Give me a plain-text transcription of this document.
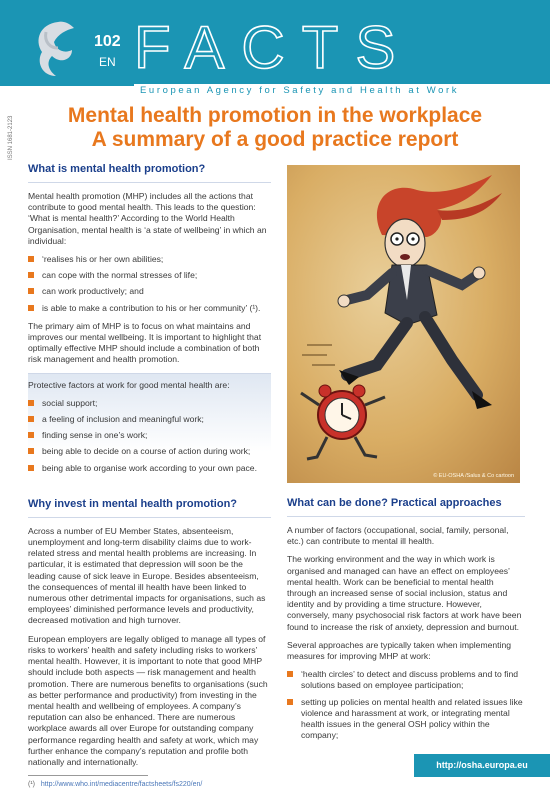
102
EN FACTS
European Agency for Safety and Health at Work
ISSN 1681-2123
Mental health promotion in the workplace
A summary of a good practice report
What is mental health promotion?

Mental health promotion (MHP) includes all the actions that contribute to good mental health. This leads to the question: ‘What is mental health?’ According to the World Health Organisation, mental health is ‘a state of wellbeing’ in which an individual:

‘realises his or her own abilities;
can cope with the normal stresses of life;
can work productively; and
is able to make a contribution to his or her community’ (¹).

The primary aim of MHP is to focus on what maintains and improves our mental wellbeing. It is important to highlight that optimally effective MHP should include a combination of both risk management and health promotion.

Protective factors at work for good mental health are:

social support;
a feeling of inclusion and meaningful work;
finding sense in one’s work;
being able to decide on a course of action during work;
being able to organise work according to your own pace.
Why invest in mental health promotion?

Across a number of EU Member States, absenteeism, unemployment and long-term disability claims due to work-related stress and mental health problems are increasing. In particular, it is estimated that depression will soon be the leading cause of sick leave in Europe. Besides absenteeism, the consequences of mental ill health have been linked to numerous other detrimental impacts for organisations, such as employees’ diminished performance levels and productivity, decreased motivation and high turnover.

European employers are legally obliged to manage all types of risks to workers’ health and safety including risks to workers’ mental health. However, it is important to note that good MHP should include both aspects — risk management and health promotion. There are numerous benefits to organisations (such as better performance and productivity) from investing in the mental health and wellbeing of employees. A company’s reputation can also be enhanced. There are numerous workplace awards all over Europe for outstanding company performance regarding health and safety at work, which may further enhance the company’s reputation and profile both nationally and internationally.

(¹) http://www.who.int/mediacentre/factsheets/fs220/en/
© EU-OSHA /Salus & Co cartoon
What can be done? Practical approaches

A number of factors (occupational, social, family, personal, etc.) can contribute to mental ill health.

The working environment and the way in which work is organised and managed can have an effect on employees’ mental health. Work can be beneficial to mental health through an increased sense of social inclusion, status and identity and by providing a time structure. However, conversely, many psychosocial risk factors at work have been found to increase the risk of anxiety, depression and burnout.

Several approaches are typically taken when implementing measures for improving MHP at work:

‘health circles’ to detect and discuss problems and to find solutions based on employee participation;
setting up policies on mental health and related issues like violence and harassment at work, or integrating mental health issues in the general OSH policy within the company;
http://osha.europa.eu
